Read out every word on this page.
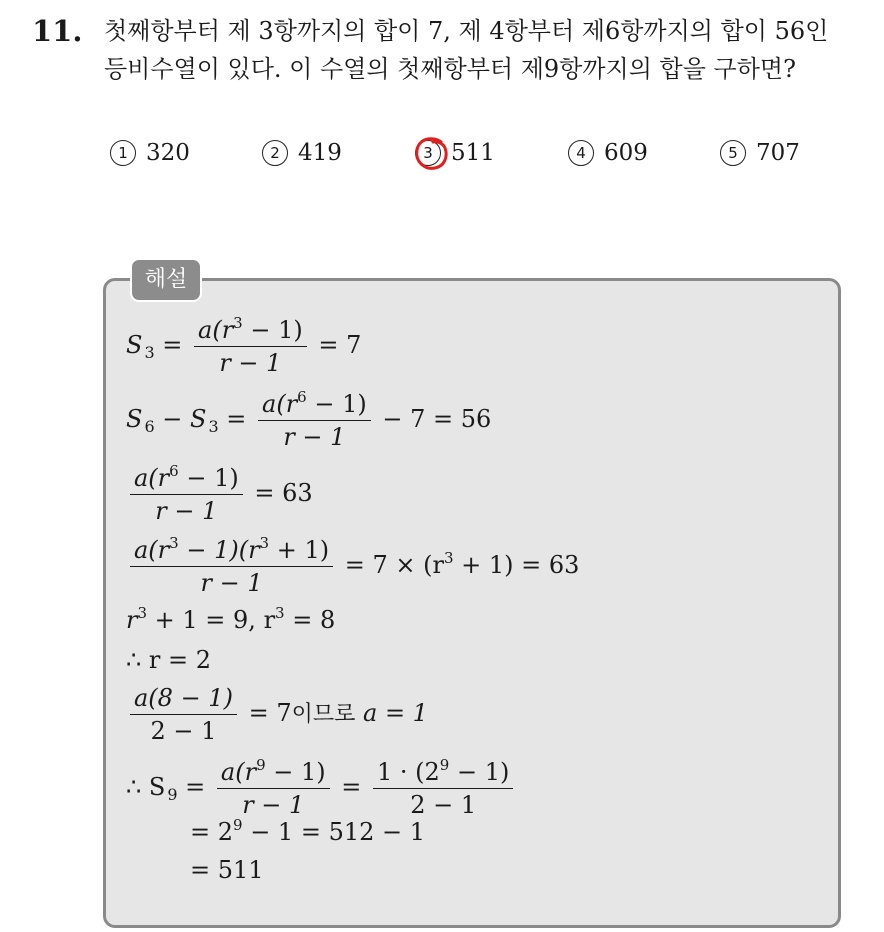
11. 첫째항부터 제 3항까지의 합이 7, 제 4항부터 제6항까지의 합이 56인
등비수열이 있다. 이 수열의 첫째항부터 제9항까지의 합을 구하면?
1 320	2 419	3 511	4 609	5 707
해설
S $_3 = \frac{a(r^3 - 1)}{r - 1} = 7$
S $_6$ − S $_3 = \frac{a(r^6 - 1)}{r - 1} - 7 = 56$
$\frac{a(r^6 - 1)}{r - 1} = 63$
$\frac{a(r^3 - 1)(r^3 + 1)}{r - 1} = 7 \times (r^3 + 1) = 63$
$r^3 + 1 = 9$, $r^3 = 8$
∴ r = 2
$\frac{a(8 - 1)}{2 - 1} = 7$이므로 a = 1
∴ S $_9 = \frac{a(r^9 - 1)}{r - 1} = \frac{1 \cdot (2^9 - 1)}{2 - 1}$
= $2^9 - 1 = 512 - 1$
= 511
